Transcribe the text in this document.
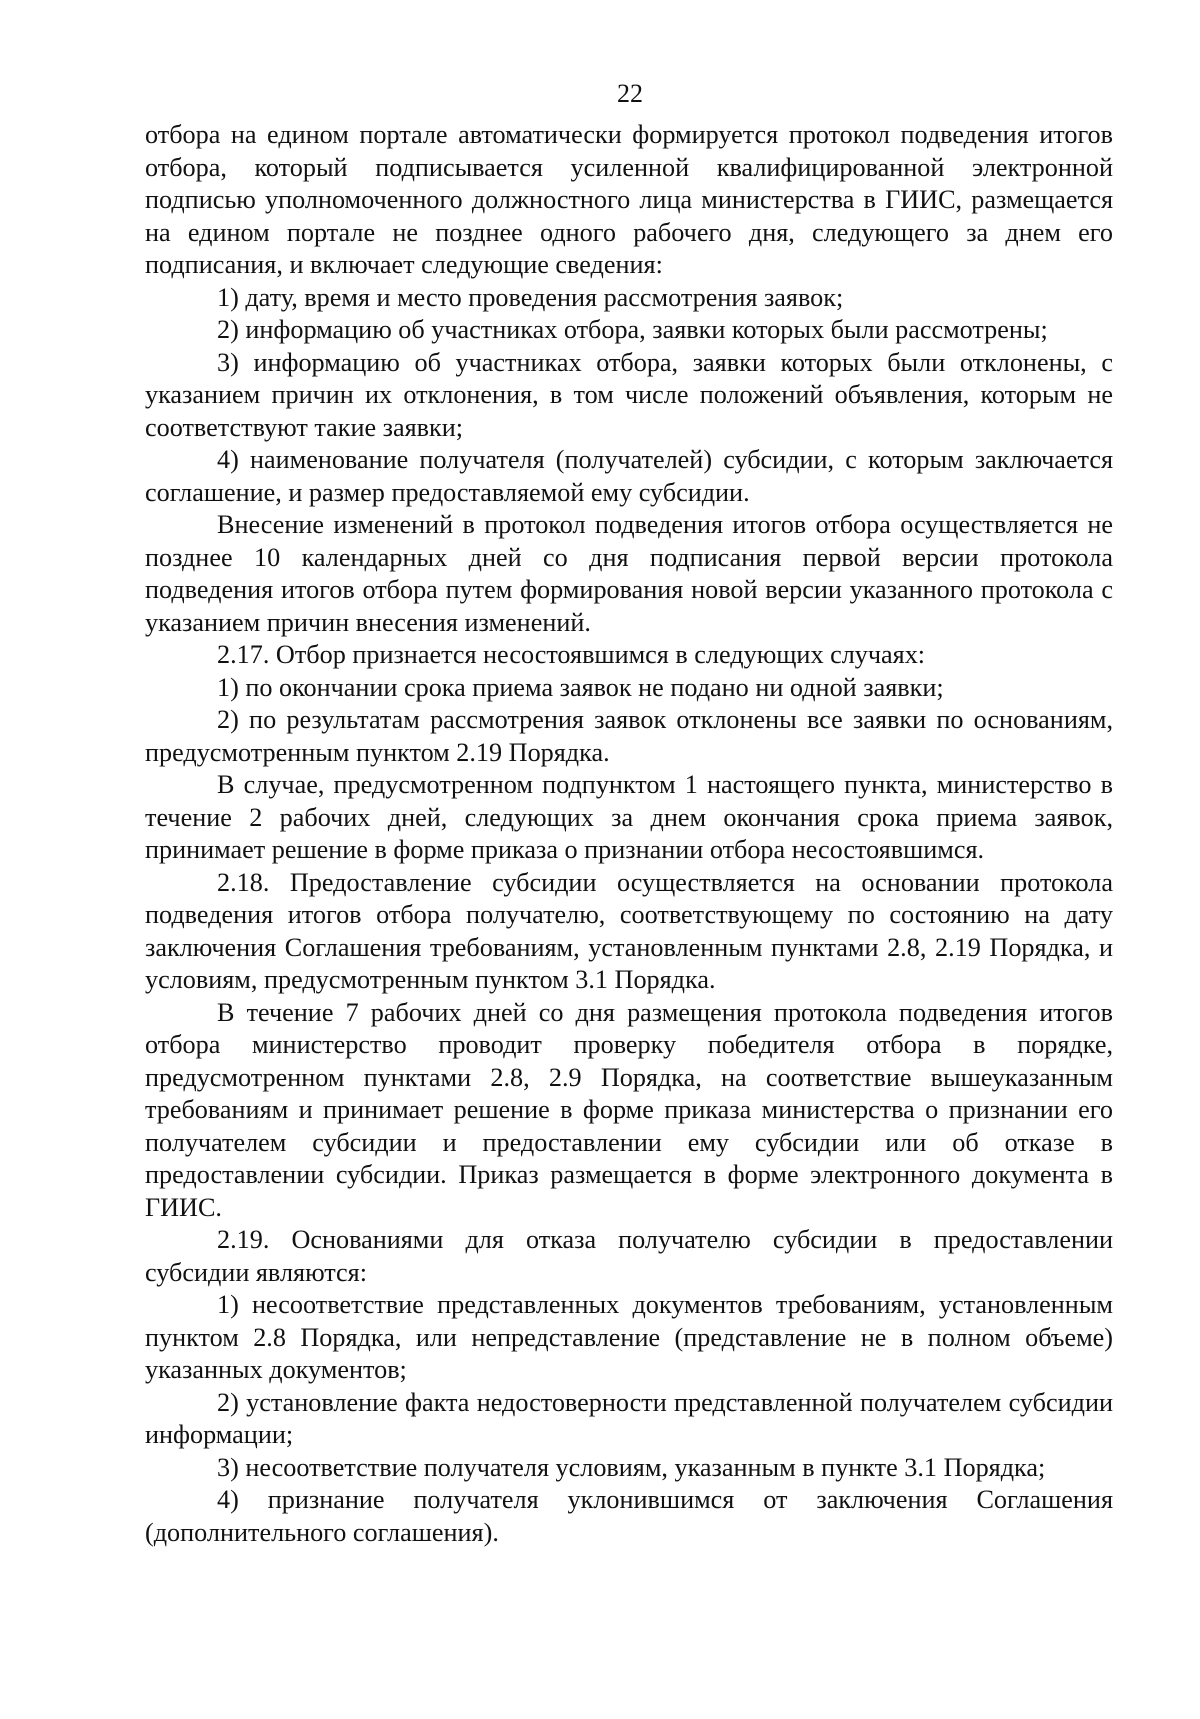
22

отбора на едином портале автоматически формируется протокол подведения итогов отбора, который подписывается усиленной квалифицированной электронной подписью уполномоченного должностного лица министерства в ГИИС, размещается на едином портале не позднее одного рабочего дня, следующего за днем его подписания, и включает следующие сведения:

1) дату, время и место проведения рассмотрения заявок;

2) информацию об участниках отбора, заявки которых были рассмотрены;

3) информацию об участниках отбора, заявки которых были отклонены, с указанием причин их отклонения, в том числе положений объявления, которым не соответствуют такие заявки;

4) наименование получателя (получателей) субсидии, с которым заключается соглашение, и размер предоставляемой ему субсидии.

Внесение изменений в протокол подведения итогов отбора осуществляется не позднее 10 календарных дней со дня подписания первой версии протокола подведения итогов отбора путем формирования новой версии указанного протокола с указанием причин внесения изменений.

2.17. Отбор признается несостоявшимся в следующих случаях:

1) по окончании срока приема заявок не подано ни одной заявки;

2) по результатам рассмотрения заявок отклонены все заявки по основаниям, предусмотренным пунктом 2.19 Порядка.

В случае, предусмотренном подпунктом 1 настоящего пункта, министерство в течение 2 рабочих дней, следующих за днем окончания срока приема заявок, принимает решение в форме приказа о признании отбора несостоявшимся.

2.18. Предоставление субсидии осуществляется на основании протокола подведения итогов отбора получателю, соответствующему по состоянию на дату заключения Соглашения требованиям, установленным пунктами 2.8, 2.19 Порядка, и условиям, предусмотренным пунктом 3.1 Порядка.

В течение 7 рабочих дней со дня размещения протокола подведения итогов отбора министерство проводит проверку победителя отбора в порядке, предусмотренном пунктами 2.8, 2.9 Порядка, на соответствие вышеуказанным требованиям и принимает решение в форме приказа министерства о признании его получателем субсидии и предоставлении ему субсидии или об отказе в предоставлении субсидии. Приказ размещается в форме электронного документа в ГИИС.

2.19. Основаниями для отказа получателю субсидии в предоставлении субсидии являются:

1) несоответствие представленных документов требованиям, установленным пунктом 2.8 Порядка, или непредставление (представление не в полном объеме) указанных документов;

2) установление факта недостоверности представленной получателем субсидии информации;

3) несоответствие получателя условиям, указанным в пункте 3.1 Порядка;

4) признание получателя уклонившимся от заключения Соглашения (дополнительного соглашения).
